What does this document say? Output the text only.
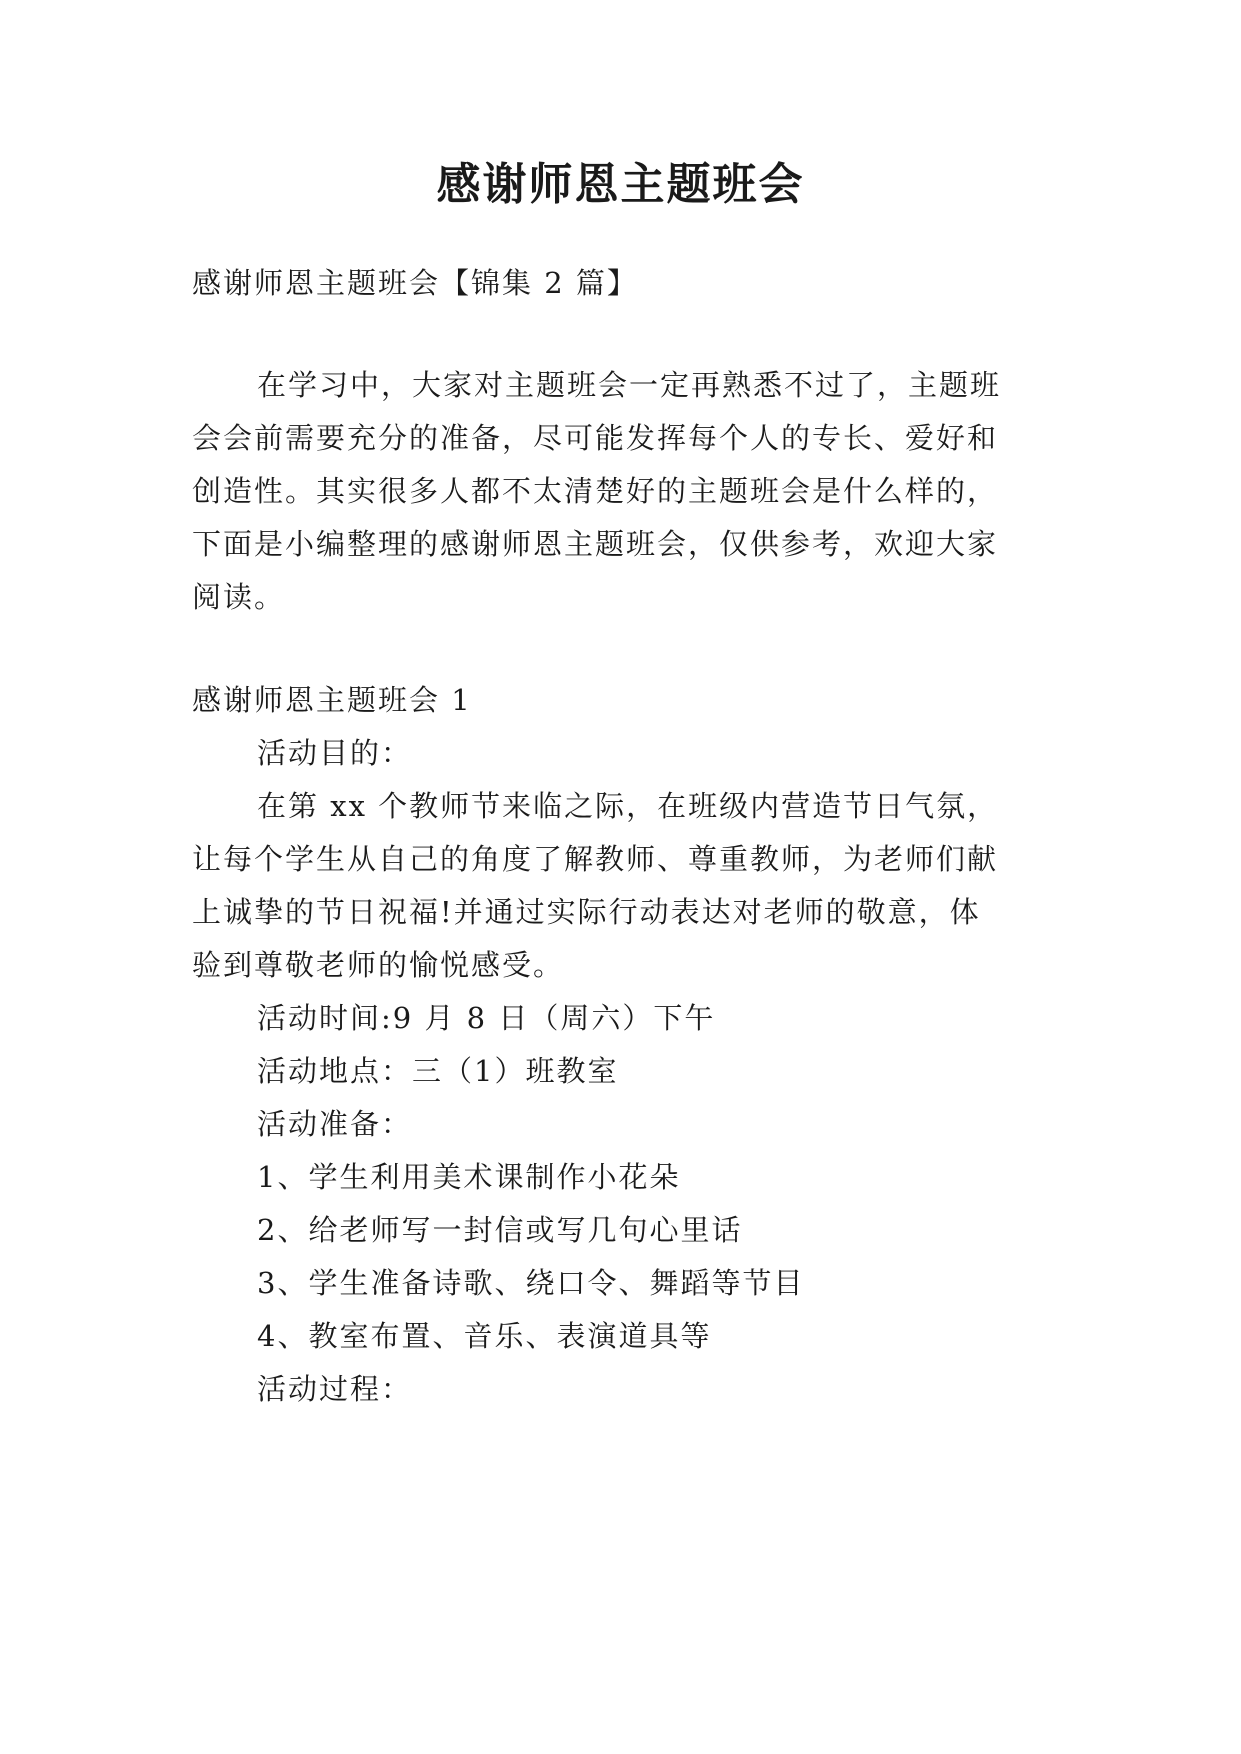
感谢师恩主题班会

感谢师恩主题班会【锦集 2 篇】

在学习中，大家对主题班会一定再熟悉不过了，主题班

会会前需要充分的准备，尽可能发挥每个人的专长、爱好和

创造性。其实很多人都不太清楚好的主题班会是什么样的，

下面是小编整理的感谢师恩主题班会，仅供参考，欢迎大家

阅读。

感谢师恩主题班会 1

活动目的：

在第 xx 个教师节来临之际，在班级内营造节日气氛，

让每个学生从自己的角度了解教师、尊重教师，为老师们献

上诚挚的节日祝福!并通过实际行动表达对老师的敬意，体

验到尊敬老师的愉悦感受。

活动时间:9 月 8 日（周六）下午

活动地点：三（1）班教室

活动准备：

1、学生利用美术课制作小花朵

2、给老师写一封信或写几句心里话

3、学生准备诗歌、绕口令、舞蹈等节目

4、教室布置、音乐、表演道具等

活动过程：
